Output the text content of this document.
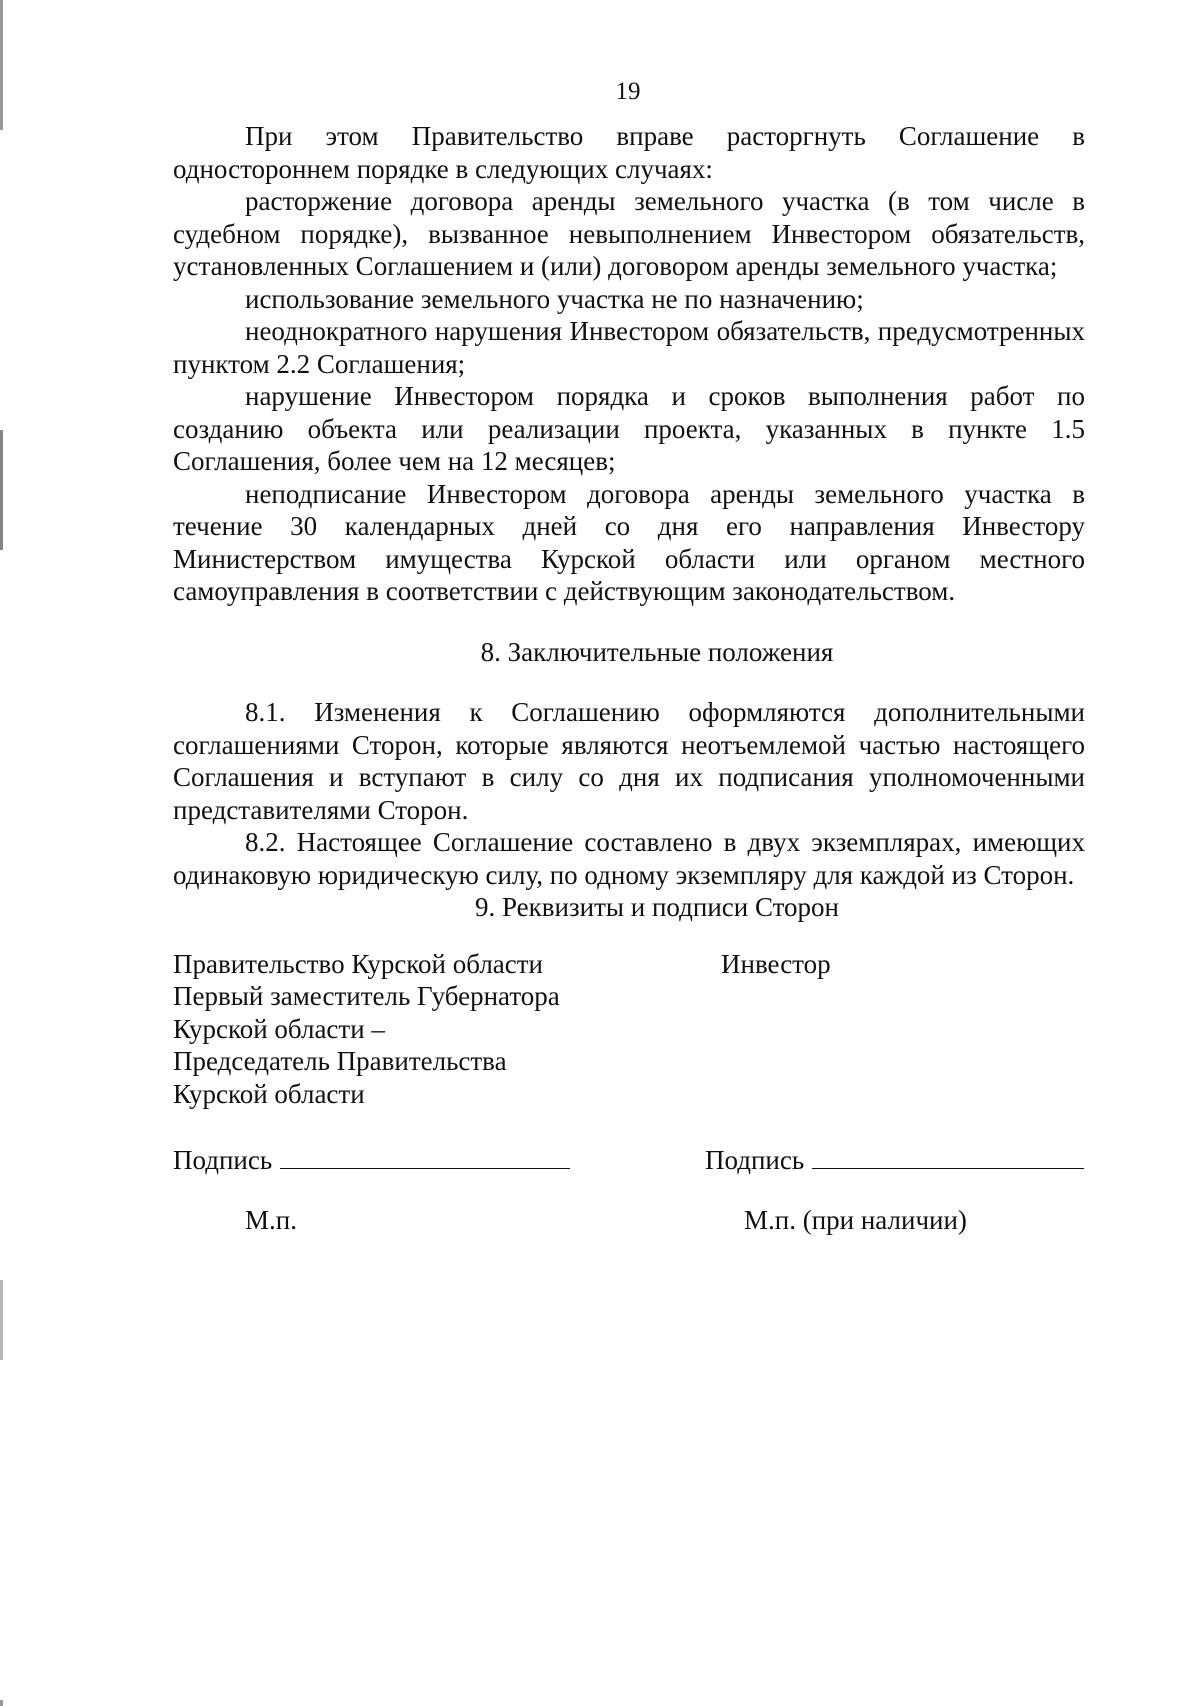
19

При этом Правительство вправе расторгнуть Соглашение в одностороннем порядке в следующих случаях:

расторжение договора аренды земельного участка (в том числе в судебном порядке), вызванное невыполнением Инвестором обязательств, установленных Соглашением и (или) договором аренды земельного участка;

использование земельного участка не по назначению;

неоднократного нарушения Инвестором обязательств, предусмотренных пунктом 2.2 Соглашения;

нарушение Инвестором порядка и сроков выполнения работ по созданию объекта или реализации проекта, указанных в пункте 1.5 Соглашения, более чем на 12 месяцев;

неподписание Инвестором договора аренды земельного участка в течение 30 календарных дней со дня его направления Инвестору Министерством имущества Курской области или органом местного самоуправления в соответствии с действующим законодательством.

8. Заключительные положения

8.1. Изменения к Соглашению оформляются дополнительными соглашениями Сторон, которые являются неотъемлемой частью настоящего Соглашения и вступают в силу со дня их подписания уполномоченными представителями Сторон.

8.2. Настоящее Соглашение составлено в двух экземплярах, имеющих одинаковую юридическую силу, по одному экземпляру для каждой из Сторон.

9. Реквизиты и подписи Сторон
Правительство Курской области
Первый заместитель Губернатора
Курской области –
Председатель Правительства
Курской области
Инвестор
Подпись	Подпись
М.п.	М.п. (при наличии)
